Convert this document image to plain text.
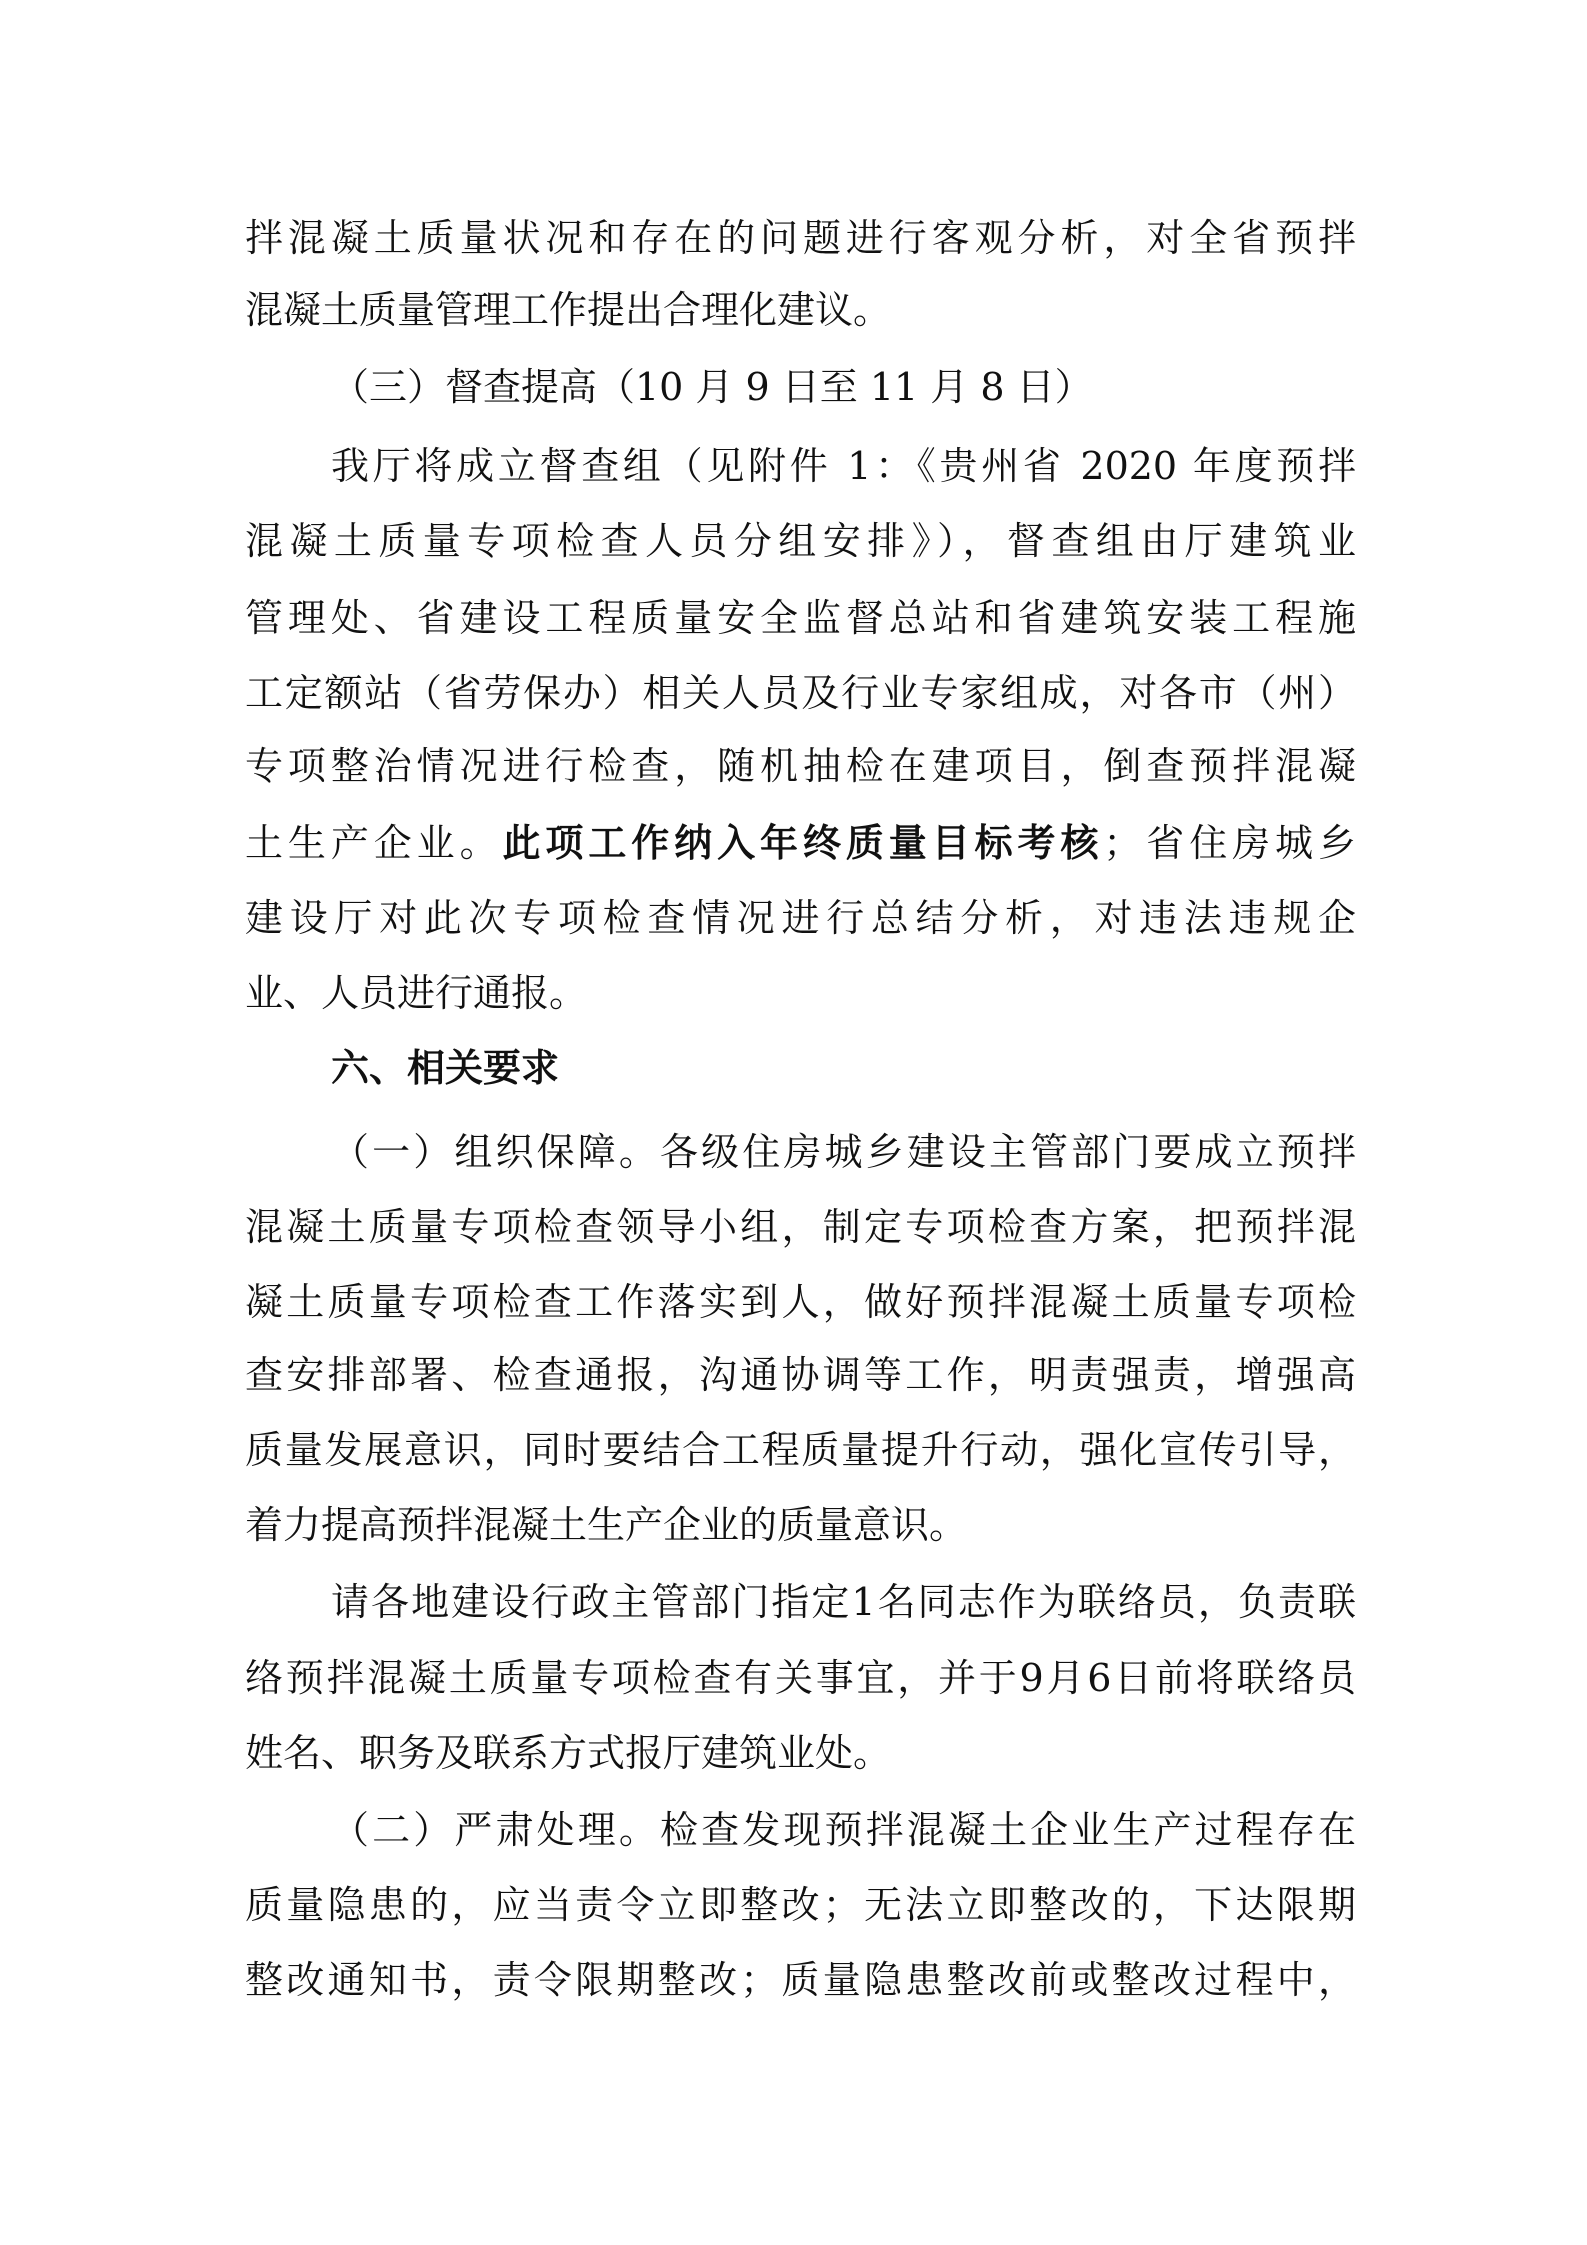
拌混凝土质量状况和存在的问题进行客观分析，对全省预拌
混凝土质量管理工作提出合理化建议。
（三）督查提高（10 月 9 日至 11 月 8 日）
我厅将成立督查组（见附件 1：《贵州省 2020 年度预拌
混凝土质量专项检查人员分组安排》），督查组由厅建筑业
管理处、省建设工程质量安全监督总站和省建筑安装工程施
工定额站（省劳保办）相关人员及行业专家组成，对各市（州）
专项整治情况进行检查，随机抽检在建项目，倒查预拌混凝
土生产企业。此项工作纳入年终质量目标考核；省住房城乡
建设厅对此次专项检查情况进行总结分析，对违法违规企
业、人员进行通报。
六、相关要求
（一）组织保障。各级住房城乡建设主管部门要成立预拌
混凝土质量专项检查领导小组，制定专项检查方案，把预拌混
凝土质量专项检查工作落实到人，做好预拌混凝土质量专项检
查安排部署、检查通报，沟通协调等工作，明责强责，增强高
质量发展意识，同时要结合工程质量提升行动，强化宣传引导，
着力提高预拌混凝土生产企业的质量意识。
请各地建设行政主管部门指定1名同志作为联络员，负责联
络预拌混凝土质量专项检查有关事宜，并于9月6日前将联络员
姓名、职务及联系方式报厅建筑业处。
（二）严肃处理。检查发现预拌混凝土企业生产过程存在
质量隐患的，应当责令立即整改；无法立即整改的，下达限期
整改通知书，责令限期整改；质量隐患整改前或整改过程中，
